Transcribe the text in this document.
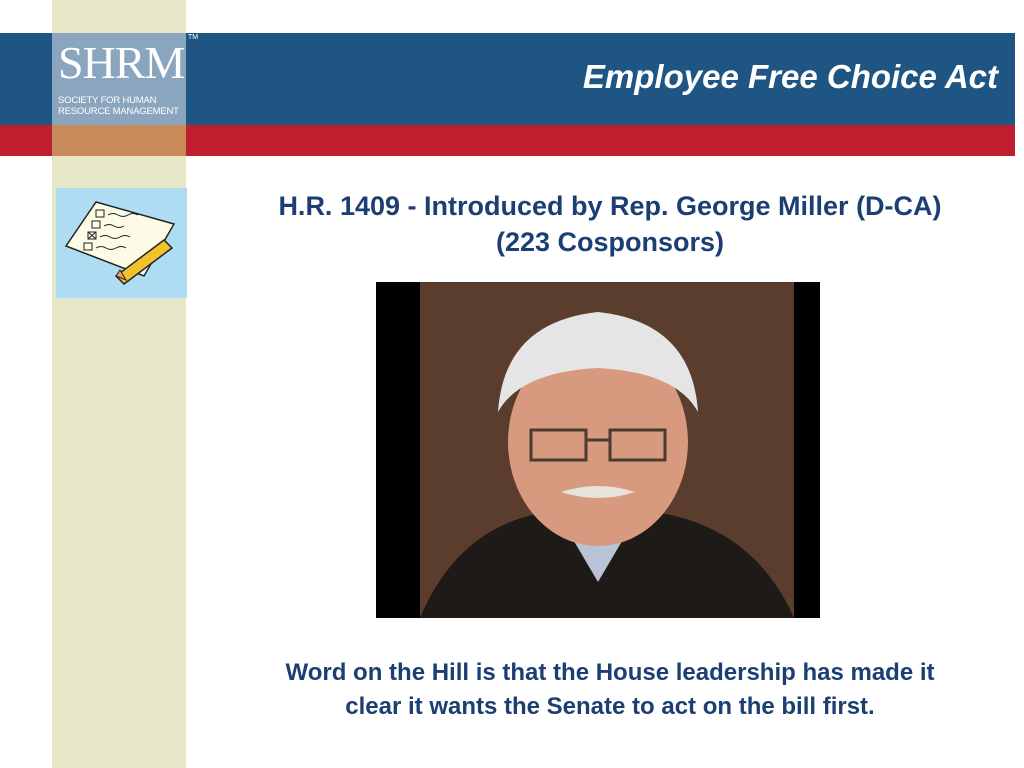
SHRM TM
SOCIETY FOR HUMAN RESOURCE MANAGEMENT
Employee Free Choice Act
H.R. 1409 - Introduced by Rep. George Miller (D-CA)
(223 Cosponsors)
Word on the Hill is that the House leadership has made it
clear it wants the Senate to act on the bill first.
